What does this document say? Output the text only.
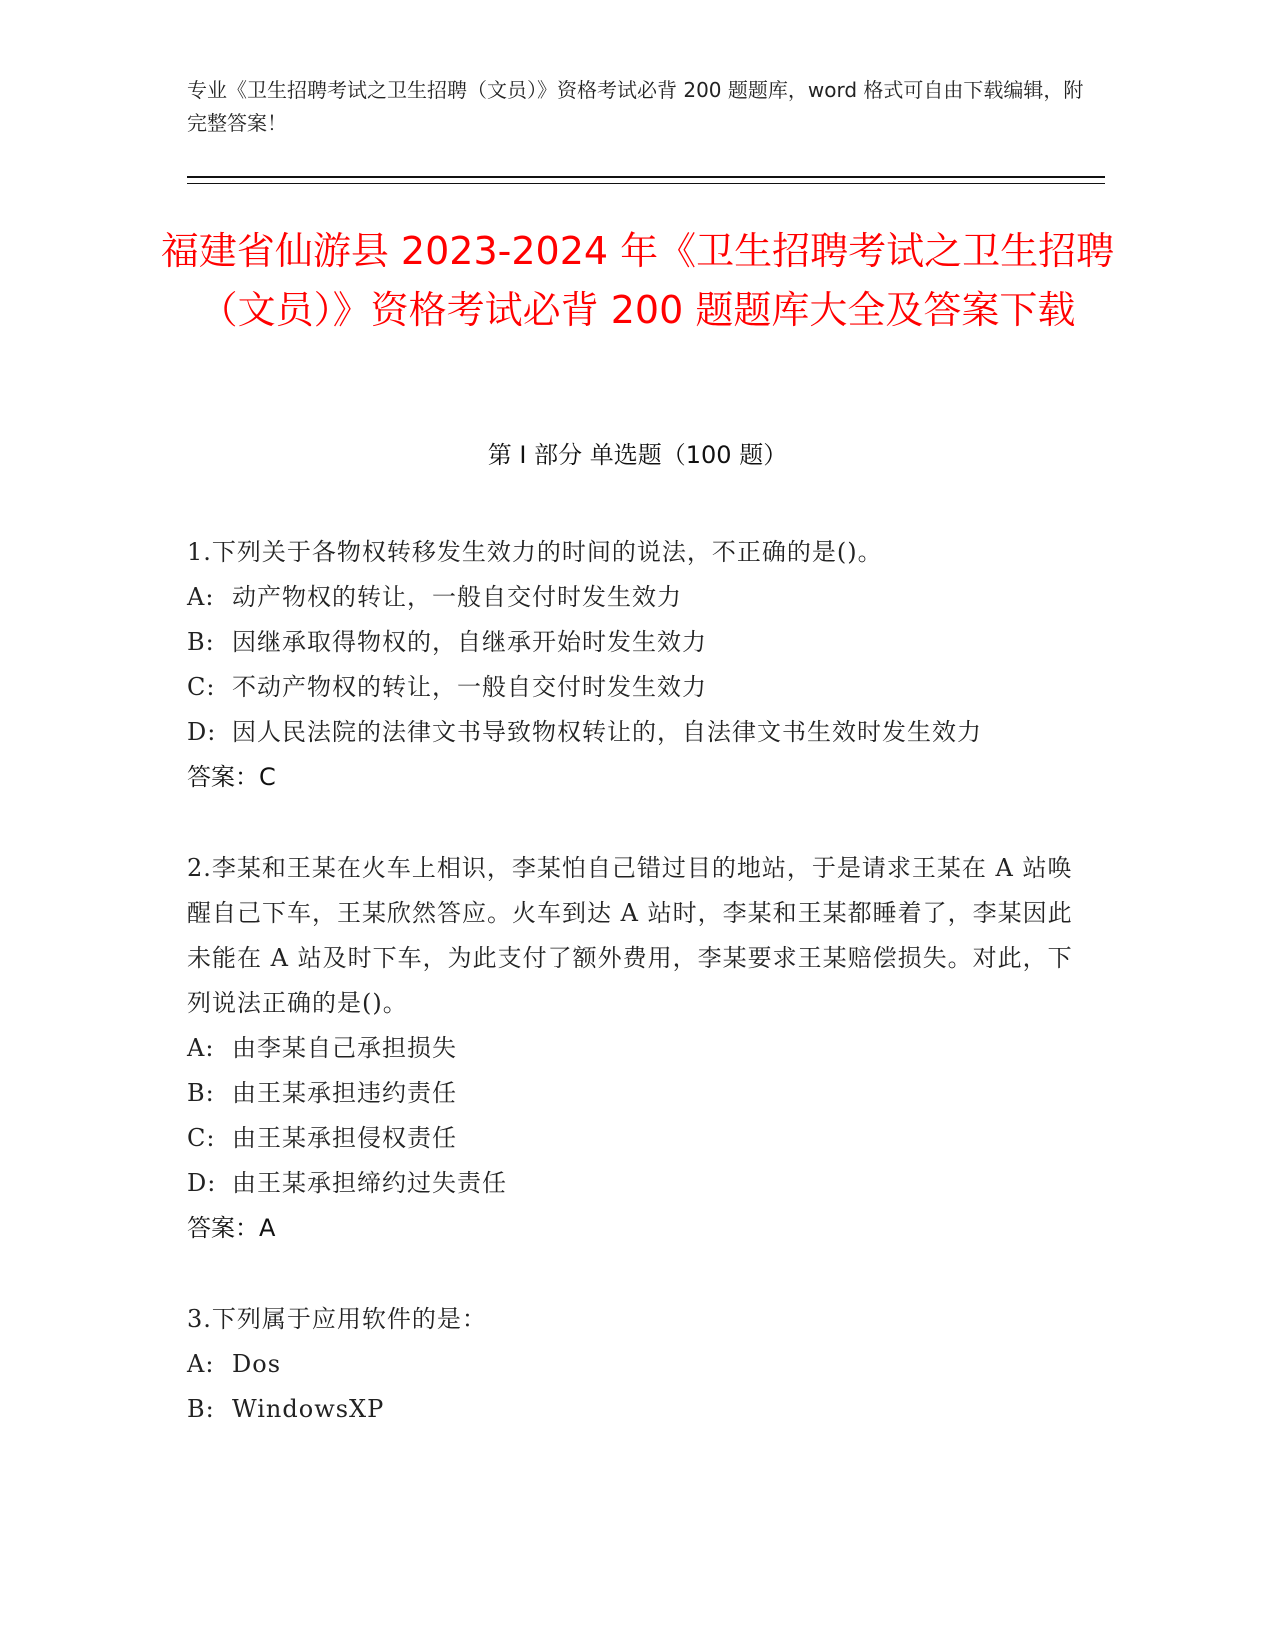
专业《卫生招聘考试之卫生招聘（文员）》资格考试必背 200 题题库，word 格式可自由下载编辑，附完整答案！
福建省仙游县 2023-2024 年《卫生招聘考试之卫生招聘（文员）》资格考试必背 200 题题库大全及答案下载
第 I 部分 单选题（100 题）
1.下列关于各物权转移发生效力的时间的说法，不正确的是()。
A: 动产物权的转让，一般自交付时发生效力
B: 因继承取得物权的，自继承开始时发生效力
C: 不动产物权的转让，一般自交付时发生效力
D: 因人民法院的法律文书导致物权转让的，自法律文书生效时发生效力
答案：C
2.李某和王某在火车上相识，李某怕自己错过目的地站，于是请求王某在 A 站唤醒自己下车，王某欣然答应。火车到达 A 站时，李某和王某都睡着了，李某因此未能在 A 站及时下车，为此支付了额外费用，李某要求王某赔偿损失。对此，下列说法正确的是()。
A: 由李某自己承担损失
B: 由王某承担违约责任
C: 由王某承担侵权责任
D: 由王某承担缔约过失责任
答案：A
3.下列属于应用软件的是：
A: Dos
B: WindowsXP
